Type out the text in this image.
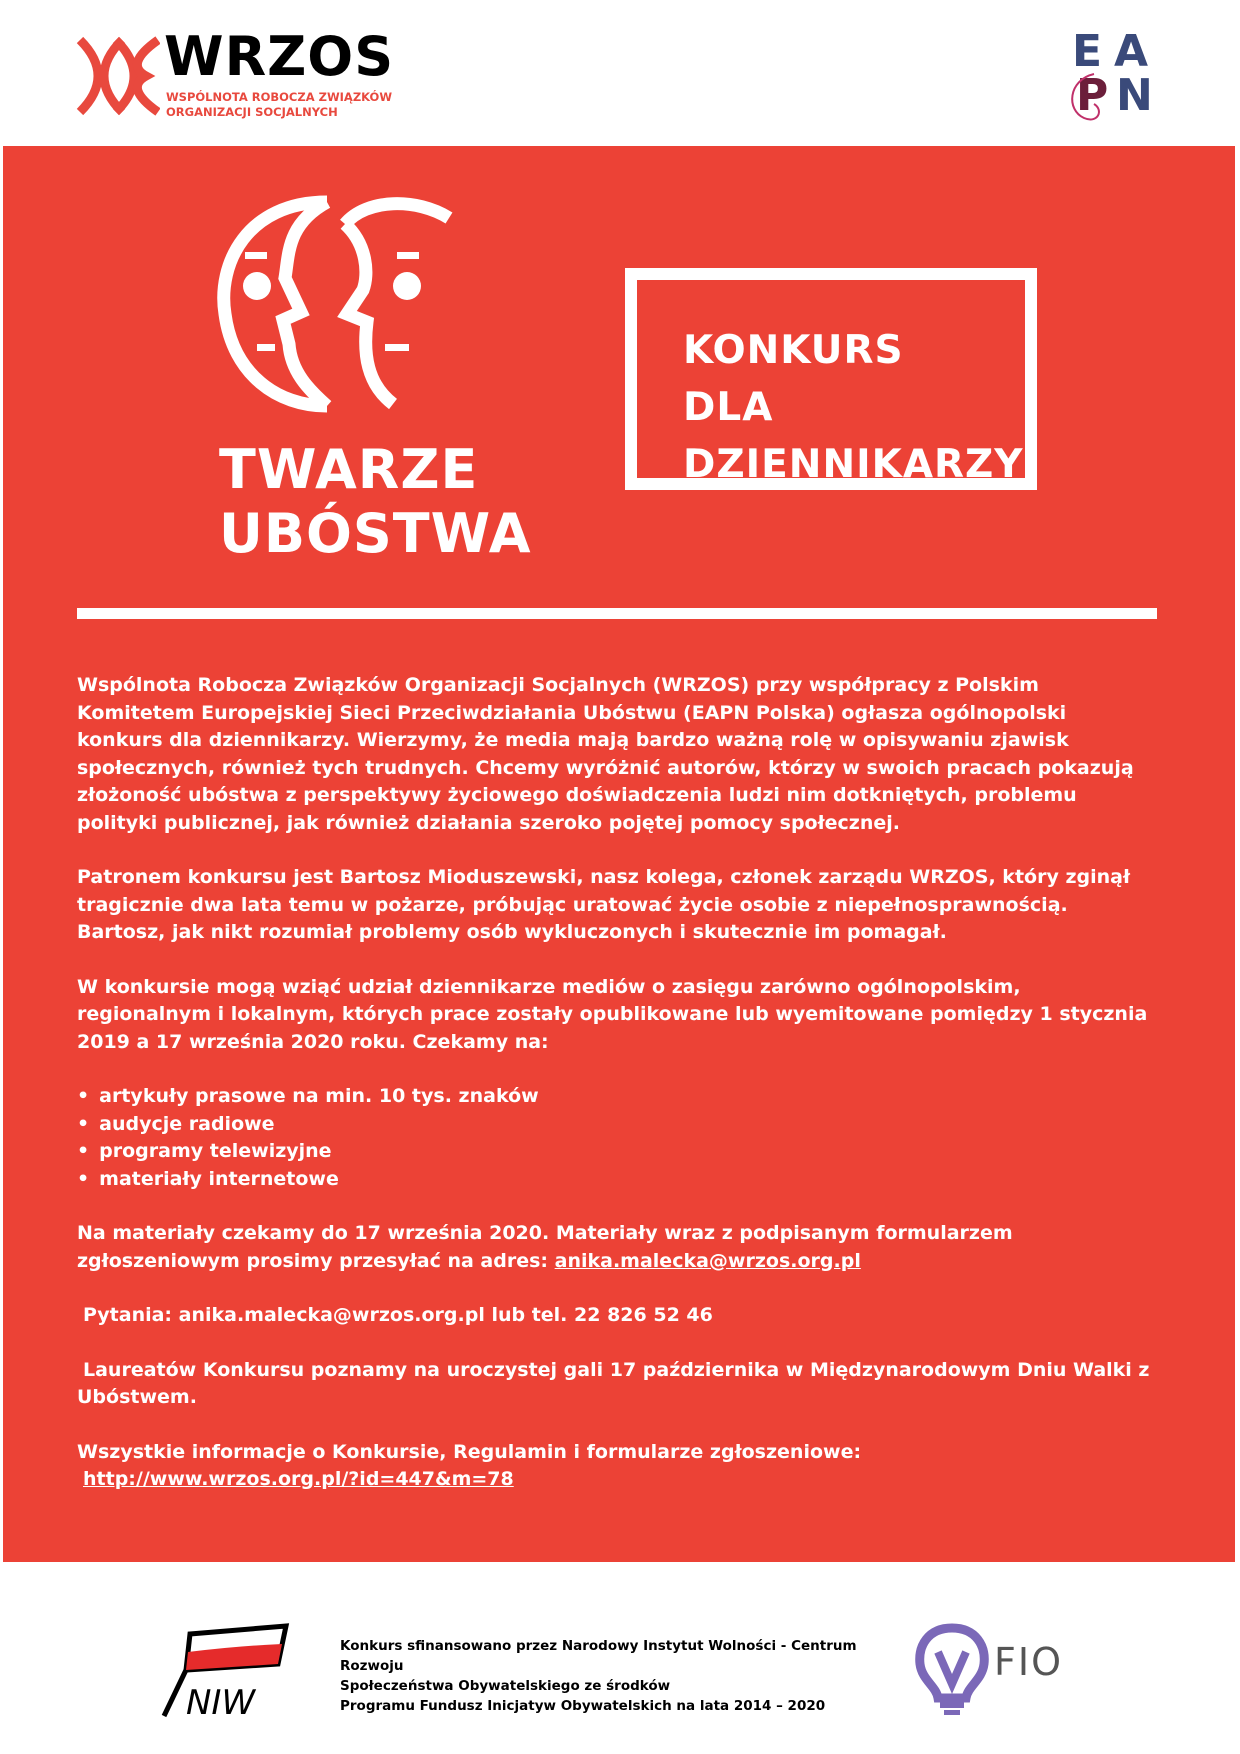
WRZOS
WSPÓLNOTA ROBOCZA ZWIĄZKÓW ORGANIZACJI SOCJALNYCH
E A
P N
TWARZE
UBÓSTWA
KONKURS
DLA
DZIENNIKARZY

Wspólnota Robocza Związków Organizacji Socjalnych (WRZOS) przy współpracy z Polskim Komitetem Europejskiej Sieci Przeciwdziałania Ubóstwu (EAPN Polska) ogłasza ogólnopolski konkurs dla dziennikarzy. Wierzymy, że media mają bardzo ważną rolę w opisywaniu zjawisk społecznych, również tych trudnych. Chcemy wyróżnić autorów, którzy w swoich pracach pokazują złożoność ubóstwa z perspektywy życiowego doświadczenia ludzi nim dotkniętych, problemu polityki publicznej, jak również działania szeroko pojętej pomocy społecznej.

Patronem konkursu jest Bartosz Mioduszewski, nasz kolega, członek zarządu WRZOS, który zginął tragicznie dwa lata temu w pożarze, próbując uratować życie osobie z niepełnosprawnością. Bartosz, jak nikt rozumiał problemy osób wykluczonych i skutecznie im pomagał.

W konkursie mogą wziąć udział dziennikarze mediów o zasięgu zarówno ogólnopolskim, regionalnym i lokalnym, których prace zostały opublikowane lub wyemitowane pomiędzy 1 stycznia 2019 a 17 września 2020 roku. Czekamy na:

• artykuły prasowe na min. 10 tys. znaków
• audycje radiowe
• programy telewizyjne
• materiały internetowe

Na materiały czekamy do 17 września 2020. Materiały wraz z podpisanym formularzem zgłoszeniowym prosimy przesyłać na adres: anika.malecka@wrzos.org.pl

Pytania: anika.malecka@wrzos.org.pl lub tel. 22 826 52 46

Laureatów Konkursu poznamy na uroczystej gali 17 października w Międzynarodowym Dniu Walki z Ubóstwem.

Wszystkie informacje o Konkursie, Regulamin i formularze zgłoszeniowe:
http://www.wrzos.org.pl/?id=447&m=78

NIW
Konkurs sfinansowano przez Narodowy Instytut Wolności - Centrum Rozwoju
Społeczeństwa Obywatelskiego ze środków
Programu Fundusz Inicjatyw Obywatelskich na lata 2014 – 2020
FIO
